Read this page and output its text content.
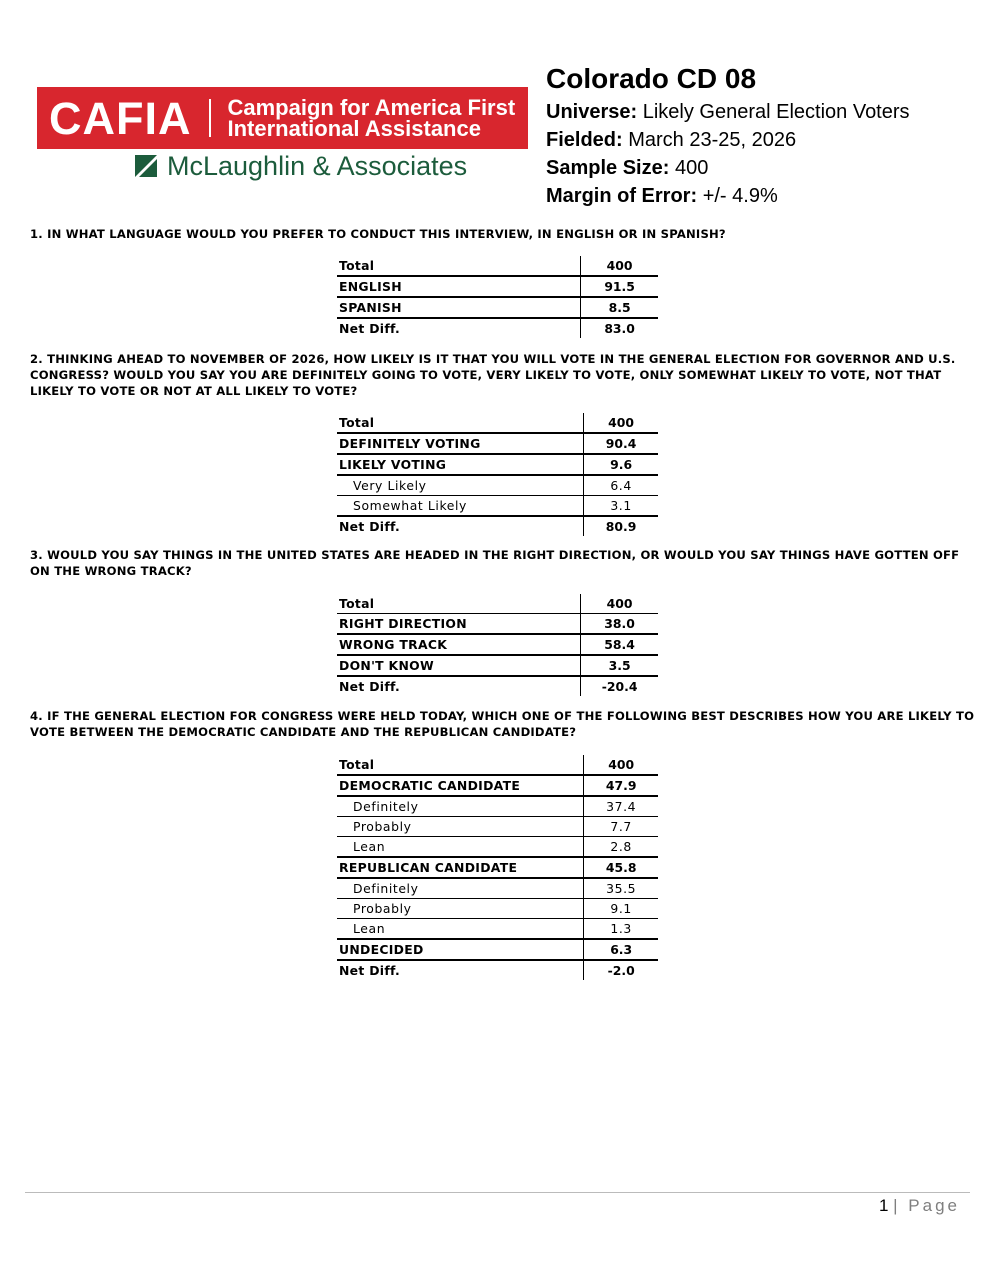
CAFIA Campaign for America First
International Assistance
McLaughlin & Associates
Colorado CD 08
Universe: Likely General Election Voters
Fielded: March 23-25, 2026
Sample Size: 400
Margin of Error: +/- 4.9%
1. IN WHAT LANGUAGE WOULD YOU PREFER TO CONDUCT THIS INTERVIEW, IN ENGLISH OR IN SPANISH?
Total	400
ENGLISH	91.5
SPANISH	8.5
Net Diff.	83.0
2. THINKING AHEAD TO NOVEMBER OF 2026, HOW LIKELY IS IT THAT YOU WILL VOTE IN THE GENERAL ELECTION FOR GOVERNOR AND U.S. CONGRESS? WOULD YOU SAY YOU ARE DEFINITELY GOING TO VOTE, VERY LIKELY TO VOTE, ONLY SOMEWHAT LIKELY TO VOTE, NOT THAT LIKELY TO VOTE OR NOT AT ALL LIKELY TO VOTE?
Total	400
DEFINITELY VOTING	90.4
LIKELY VOTING	9.6
Very Likely	6.4
Somewhat Likely	3.1
Net Diff.	80.9
3. WOULD YOU SAY THINGS IN THE UNITED STATES ARE HEADED IN THE RIGHT DIRECTION, OR WOULD YOU SAY THINGS HAVE GOTTEN OFF ON THE WRONG TRACK?
Total	400
RIGHT DIRECTION	38.0
WRONG TRACK	58.4
DON'T KNOW	3.5
Net Diff.	-20.4
4. IF THE GENERAL ELECTION FOR CONGRESS WERE HELD TODAY, WHICH ONE OF THE FOLLOWING BEST DESCRIBES HOW YOU ARE LIKELY TO VOTE BETWEEN THE DEMOCRATIC CANDIDATE AND THE REPUBLICAN CANDIDATE?
Total	400
DEMOCRATIC CANDIDATE	47.9
Definitely	37.4
Probably	7.7
Lean	2.8
REPUBLICAN CANDIDATE	45.8
Definitely	35.5
Probably	9.1
Lean	1.3
UNDECIDED	6.3
Net Diff.	-2.0
1 | Page
